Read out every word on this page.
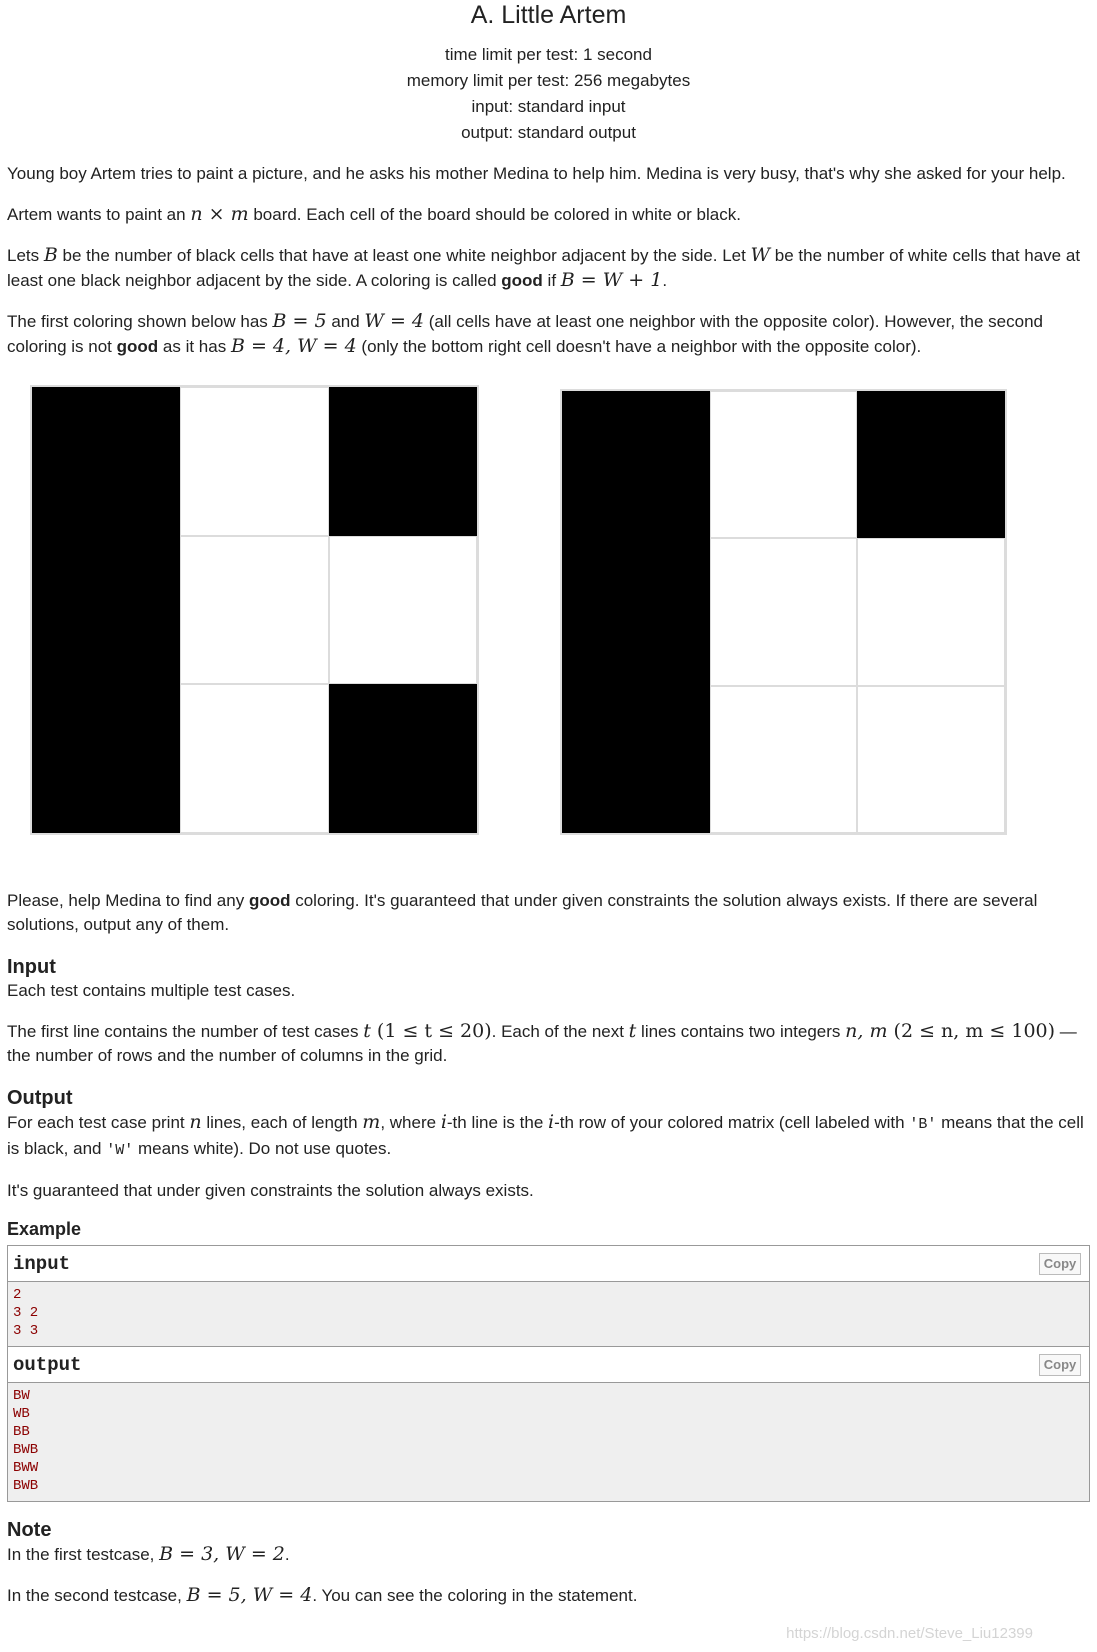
A. Little Artem
time limit per test: 1 second
memory limit per test: 256 megabytes
input: standard input
output: standard output

Young boy Artem tries to paint a picture, and he asks his mother Medina to help him. Medina is very busy, that's why she asked for your help.

Artem wants to paint an n × m board. Each cell of the board should be colored in white or black.

Lets B be the number of black cells that have at least one white neighbor adjacent by the side. Let W be the number of white cells that have at least one black neighbor adjacent by the side. A coloring is called good if B = W + 1.

The first coloring shown below has B = 5 and W = 4 (all cells have at least one neighbor with the opposite color). However, the second coloring is not good as it has B = 4, W = 4 (only the bottom right cell doesn't have a neighbor with the opposite color).

Please, help Medina to find any good coloring. It's guaranteed that under given constraints the solution always exists. If there are several solutions, output any of them.

Input

Each test contains multiple test cases.

The first line contains the number of test cases t (1 ≤ t ≤ 20). Each of the next t lines contains two integers n, m (2 ≤ n, m ≤ 100) — the number of rows and the number of columns in the grid.

Output

For each test case print n lines, each of length m, where i-th line is the i-th row of your colored matrix (cell labeled with 'B' means that the cell is black, and 'W' means white). Do not use quotes.

It's guaranteed that under given constraints the solution always exists.

Example
input	Copy
2
3 2
3 3
output	Copy
BW
WB
BB
BWB
BWW
BWB
Note

In the first testcase, B = 3, W = 2.

In the second testcase, B = 5, W = 4. You can see the coloring in the statement.

https://blog.csdn.net/Steve_Liu12399
